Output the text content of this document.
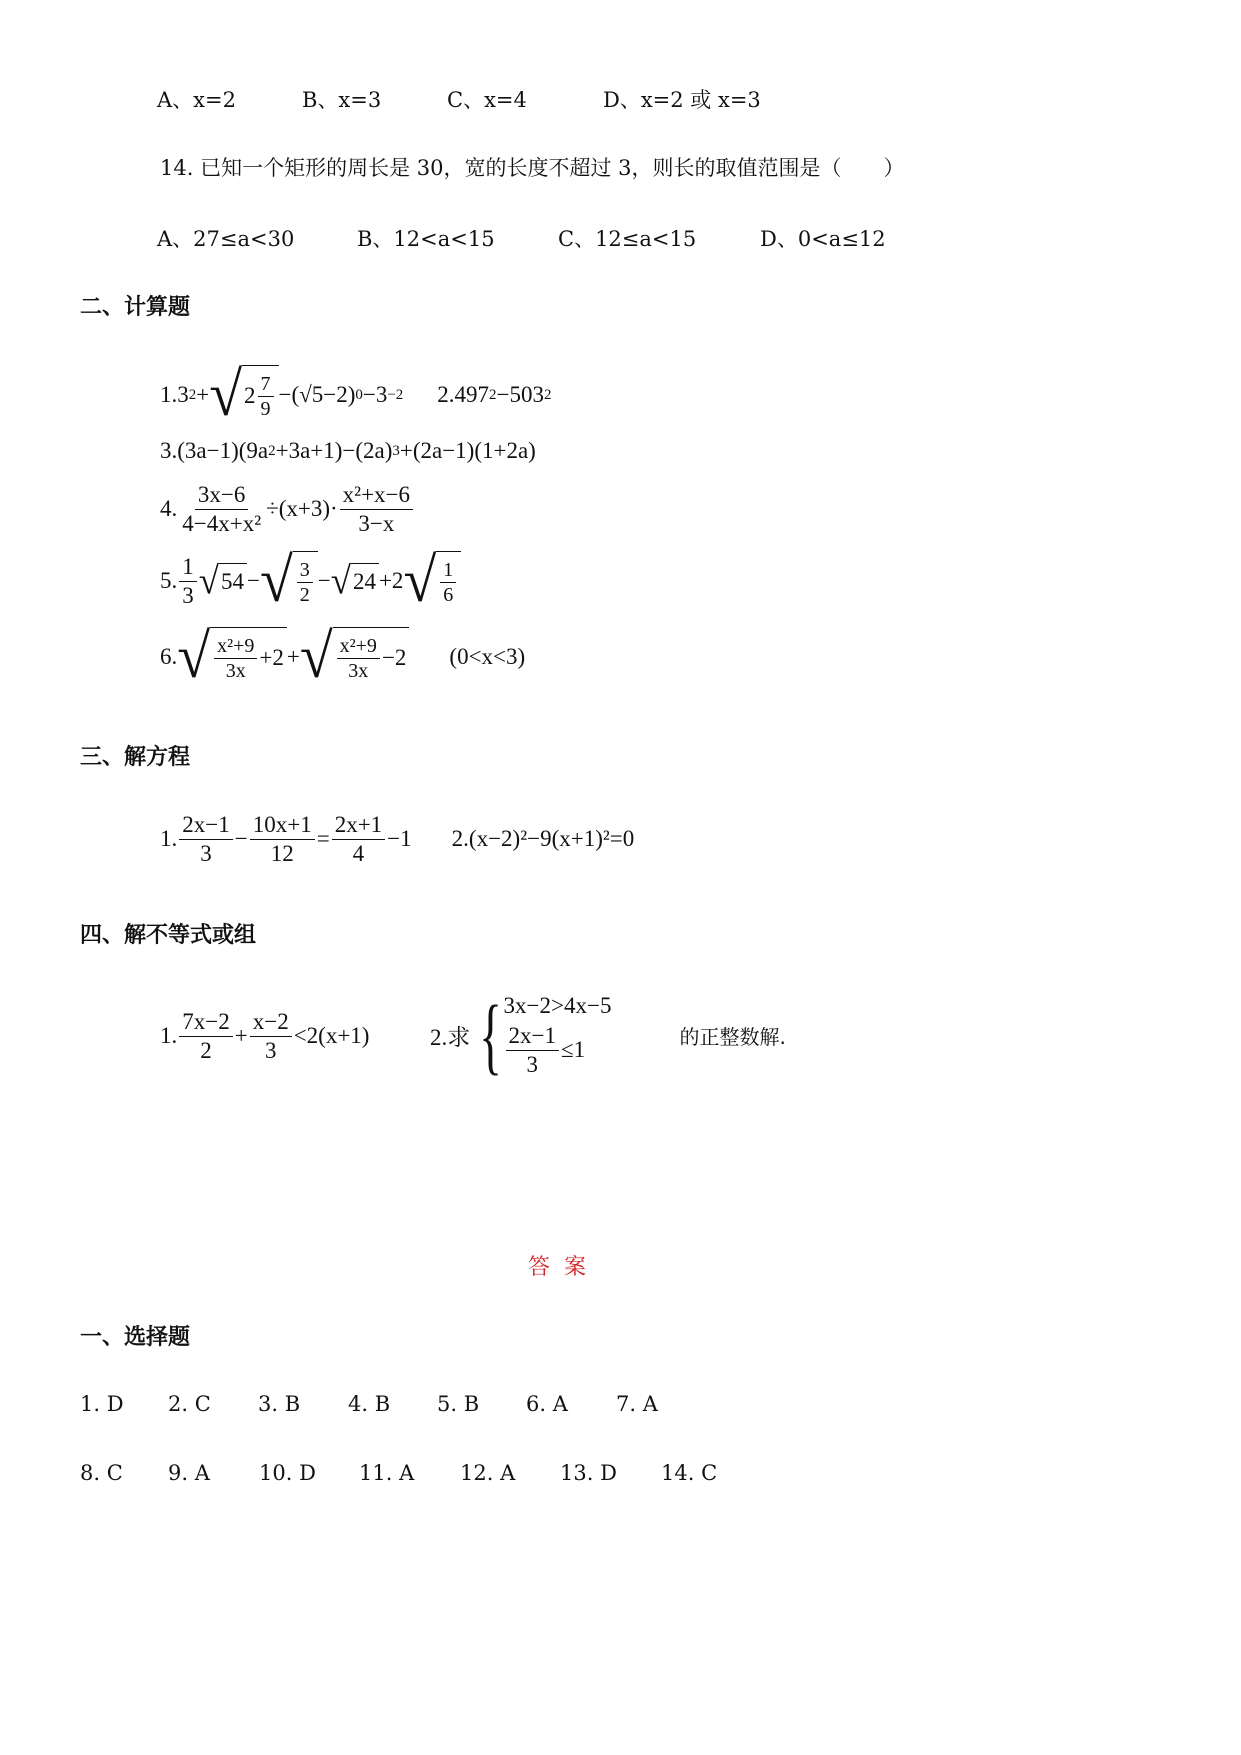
A、x=2	B、x=3	C、x=4	D、x=2 或 x=3
14. 已知一个矩形的周长是 30，宽的长度不超过 3，则长的取值范围是（　　）
A、27≤a<30	B、12<a<15	C、12≤a<15	D、0<a≤12
二、计算题
1. 3 2 + √ $2 \frac{7}{9} -(√5-2)$ 0 −3 −2 2. 497 2 − 503 2
3. (3a−1)(9a 2 +3a+1)−(2a) 3 +(2a−1)(1+2a)
4. $\frac{3x-6}{\text{4−4x+x²}} \div(x+3)\cdot \frac{\text{x²+x−6}}{3-x}$
5. $\frac{1}{3}$ √ 54 − √ $\frac{3}{2}$ − √ 24 +2 √ $\frac{1}{6}$
6. √ $\frac{\text{x²+9}}{3x} +2$ + √ $\frac{\text{x²+9}}{3x} -2$ (0<x<3)
三、解方程
1. $\frac{2x-1}{3} - \frac{10x+1}{12} = \frac{2x+1}{4} -1$ 2. (x−2)²−9(x+1)²=0
四、解不等式或组
1. $\frac{7x-2}{2} + \frac{x-2}{3} <2(x+1)$	2.求 { 3x−2>4x−5
$\frac{2x-1}{3} \le 1$
的正整数解.
答案
一、选择题
1. D 2. C 3. B 4. B 5. B 6. A 7. A
8. C 9. A 10. D 11. A 12. A 13. D 14. C
